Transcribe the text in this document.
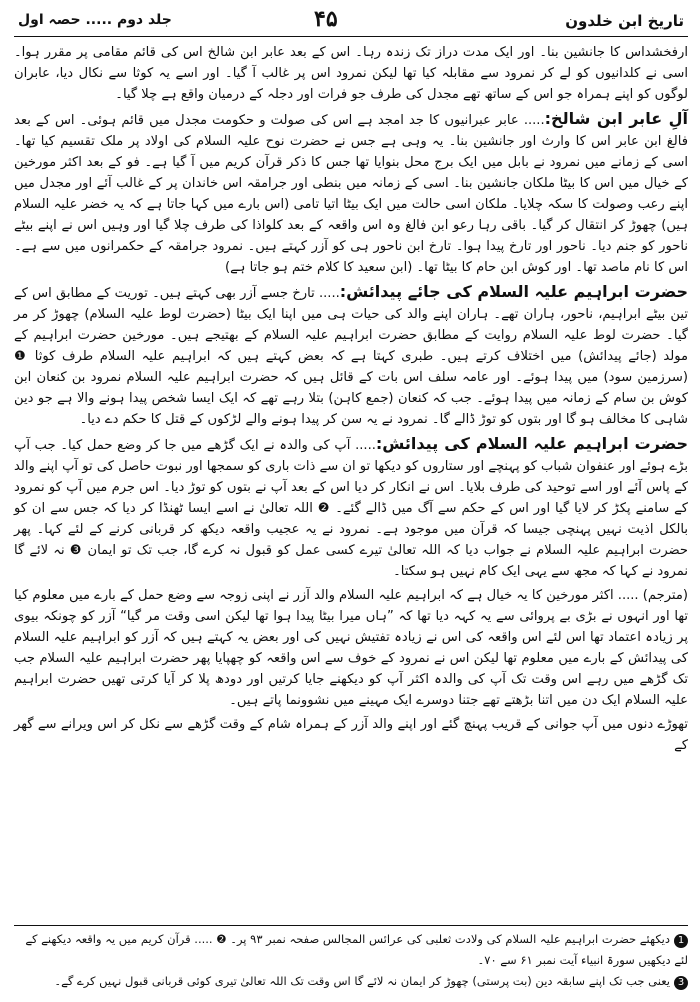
تاریخ ابن خلدون
۴۵
جلد دوم ..... حصہ اول

ارفخشداس کا جانشین بنا۔ اور ایک مدت دراز تک زندہ رہا۔ اس کے بعد عابر ابن شالخ اس کی قائم مقامی پر مقرر ہوا۔ اسی نے کلدانیوں کو لے کر نمرود سے مقابلہ کیا تھا لیکن نمرود اس پر غالب آ گیا۔ اور اسے یہ کوثا سے نکال دیا، عابران لوگوں کو اپنے ہمراہ جو اس کے ساتھ تھے مجدل کی طرف جو فرات اور دجلہ کے درمیان واقع ہے چلا گیا۔

آلِ عابر ابن شالخ:..... عابر عبرانیوں کا جد امجد ہے اس کی صولت و حکومت مجدل میں قائم ہوئی۔ اس کے بعد فالغ ابن عابر اس کا وارث اور جانشین بنا۔ یہ وہی ہے جس نے حضرت نوح علیہ السلام کی اولاد پر ملک تقسیم کیا تھا۔ اسی کے زمانے میں نمرود نے بابل میں ایک برج محل بنوایا تھا جس کا ذکر قرآن کریم میں آ گیا ہے۔ فو کے بعد اکثر مورخین کے خیال میں اس کا بیٹا ملکان جانشین بنا۔ اسی کے زمانہ میں بنطی اور جرامقہ اس خاندان پر کے غالب آئے اور مجدل میں اپنے رعب وصولت کا سکہ چلایا۔ ملکان اسی حالت میں ایک بیٹا اتیا تامی (اس بارے میں کہا جاتا ہے کہ یہ خضر علیہ السلام ہیں) چھوڑ کر انتقال کر گیا۔ باقی رہا رعو ابن فالغ وہ اس واقعہ کے بعد کلواذا کی طرف چلا گیا اور وہیں اس نے اپنے بیٹے ناحور کو جنم دیا۔ ناحور اور تارخ پیدا ہوا۔ تارخ ابن ناحور ہی کو آزر کہتے ہیں۔ نمرود جرامقہ کے حکمرانوں میں سے ہے۔ اس کا نام ماصد تھا۔ اور کوش ابن حام کا بیٹا تھا۔ (ابن سعید کا کلام ختم ہو جاتا ہے)

حضرت ابراہیم علیہ السلام کی جائے پیدائش:..... تارخ جسے آزر بھی کہتے ہیں۔ توریت کے مطابق اس کے تین بیٹے ابراہیم، ناحور، ہاران تھے۔ ہاران اپنے والد کی حیات ہی میں اپنا ایک بیٹا (حضرت لوط علیہ السلام) چھوڑ کر مر گیا۔ حضرت لوط علیہ السلام روایت کے مطابق حضرت ابراہیم علیہ السلام کے بھتیجے ہیں۔ مورخین حضرت ابراہیم کے مولد (جائے پیدائش) میں اختلاف کرتے ہیں۔ طبری کہتا ہے کہ بعض کہتے ہیں کہ ابراہیم علیہ السلام طرف کوثا ❶ (سرزمین سود) میں پیدا ہوئے۔ اور عامہ سلف اس بات کے قائل ہیں کہ حضرت ابراہیم علیہ السلام نمرود بن کنعان ابن کوش بن سام کے زمانہ میں پیدا ہوئے۔ جب کہ کنعان (جمع کاہن) بتلا رہے تھے کہ ایک ایسا شخص پیدا ہونے والا ہے جو دین شاہی کا مخالف ہو گا اور بتوں کو توڑ ڈالے گا۔ نمرود نے یہ سن کر پیدا ہونے والے لڑکوں کے قتل کا حکم دے دیا۔

حضرت ابراہیم علیہ السلام کی پیدائش:..... آپ کی والدہ نے ایک گڑھے میں جا کر وضع حمل کیا۔ جب آپ بڑے ہوئے اور عنفوان شباب کو پہنچے اور ستاروں کو دیکھا تو ان سے ذات باری کو سمجھا اور نبوت حاصل کی تو آپ اپنے والد کے پاس آئے اور اسے توحید کی طرف بلایا۔ اس نے انکار کر دیا اس کے بعد آپ نے بتوں کو توڑ دیا۔ اس جرم میں آپ کو نمرود کے سامنے پکڑ کر لایا گیا اور اس کے حکم سے آگ میں ڈالے گئے۔ ❷ اللہ تعالیٰ نے اسے ایسا ٹھنڈا کر دیا کہ جس سے ان کو بالکل اذیت نہیں پہنچی جیسا کہ قرآن میں موجود ہے۔ نمرود نے یہ عجیب واقعہ دیکھ کر قربانی کرنے کے لئے کہا۔ پھر حضرت ابراہیم علیہ السلام نے جواب دیا کہ اللہ تعالیٰ تیرے کسی عمل کو قبول نہ کرے گا، جب تک تو ایمان ❸ نہ لائے گا نمرود نے کہا کہ مجھ سے یہی ایک کام نہیں ہو سکتا۔

(مترجم) ..... اکثر مورخین کا یہ خیال ہے کہ ابراہیم علیہ السلام والد آزر نے اپنی زوجہ سے وضع حمل کے بارے میں معلوم کیا تھا اور انہوں نے بڑی بے پروائی سے یہ کہہ دیا تھا کہ ”ہاں میرا بیٹا پیدا ہوا تھا لیکن اسی وقت مر گیا“ آزر کو چونکہ بیوی پر زیادہ اعتماد تھا اس لئے اس واقعہ کی اس نے زیادہ تفتیش نہیں کی اور بعض یہ کہتے ہیں کہ آزر کو ابراہیم علیہ السلام کی پیدائش کے بارے میں معلوم تھا لیکن اس نے نمرود کے خوف سے اس واقعہ کو چھپایا پھر حضرت ابراہیم علیہ السلام جب تک گڑھے میں رہے اس وقت تک آپ کی والدہ اکثر آپ کو دیکھنے جایا کرتیں اور دودھ پلا کر آیا کرتی تھیں حضرت ابراہیم علیہ السلام ایک دن میں اتنا بڑھتے تھے جتنا دوسرے ایک مہینے میں نشوونما پاتے ہیں۔

تھوڑے دنوں میں آپ جوانی کے قریب پہنچ گئے اور اپنے والد آزر کے ہمراہ شام کے وقت گڑھے سے نکل کر اس ویرانے سے گھر کے

1دیکھئے حضرت ابراہیم علیہ السلام کی ولادت ثعلبی کی عرائس المجالس صفحہ نمبر ۹۳ پر۔ ❷ ..... قرآن کریم میں یہ واقعہ دیکھنے کے لئے دیکھیں سورۃ انبیاء آیت نمبر ۶۱ سے ۷۰۔

3یعنی جب تک اپنے سابقہ دین (بت پرستی) چھوڑ کر ایمان نہ لائے گا اس وقت تک اللہ تعالیٰ تیری کوئی قربانی قبول نہیں کرے گے۔
